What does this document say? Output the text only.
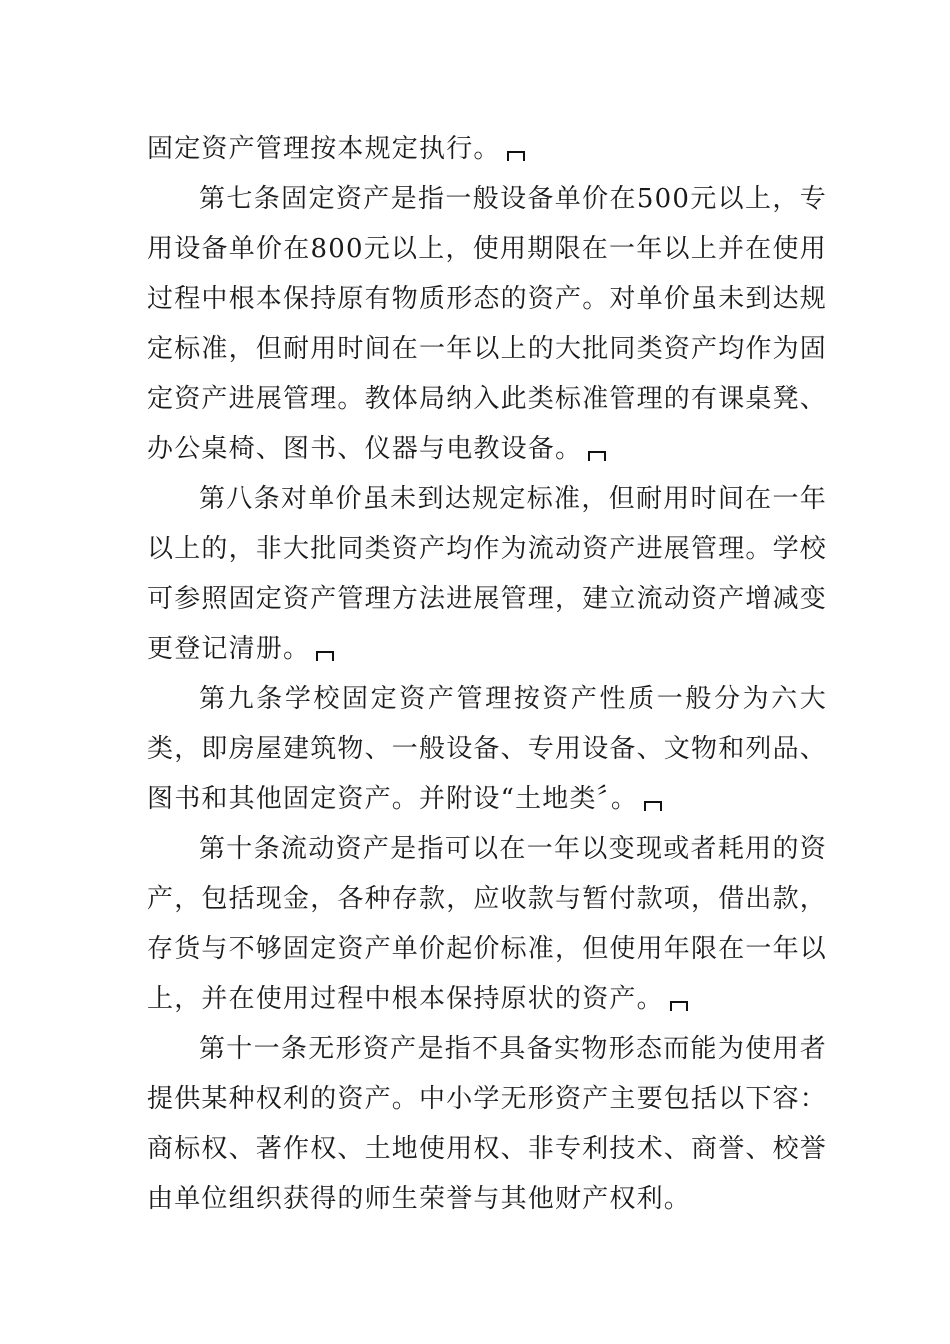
固定资产管理按本规定执行。

第七条固定资产是指一般设备单价在500元以上，专用设备单价在800元以上，使用期限在一年以上并在使用过程中根本保持原有物质形态的资产。对单价虽未到达规定标准，但耐用时间在一年以上的大批同类资产均作为固定资产进展管理。教体局纳入此类标准管理的有课桌凳、办公桌椅、图书、仪器与电教设备。

第八条对单价虽未到达规定标准，但耐用时间在一年以上的，非大批同类资产均作为流动资产进展管理。学校可参照固定资产管理方法进展管理，建立流动资产增减变更登记清册。

第九条学校固定资产管理按资产性质一般分为六大类，即房屋建筑物、一般设备、专用设备、文物和列品、图书和其他固定资产。并附设“土地类〞。

第十条流动资产是指可以在一年以变现或者耗用的资产，包括现金，各种存款，应收款与暂付款项，借出款，存货与不够固定资产单价起价标准，但使用年限在一年以上，并在使用过程中根本保持原状的资产。

第十一条无形资产是指不具备实物形态而能为使用者提供某种权利的资产。中小学无形资产主要包括以下容：商标权、著作权、土地使用权、非专利技术、商誉、校誉由单位组织获得的师生荣誉与其他财产权利。
